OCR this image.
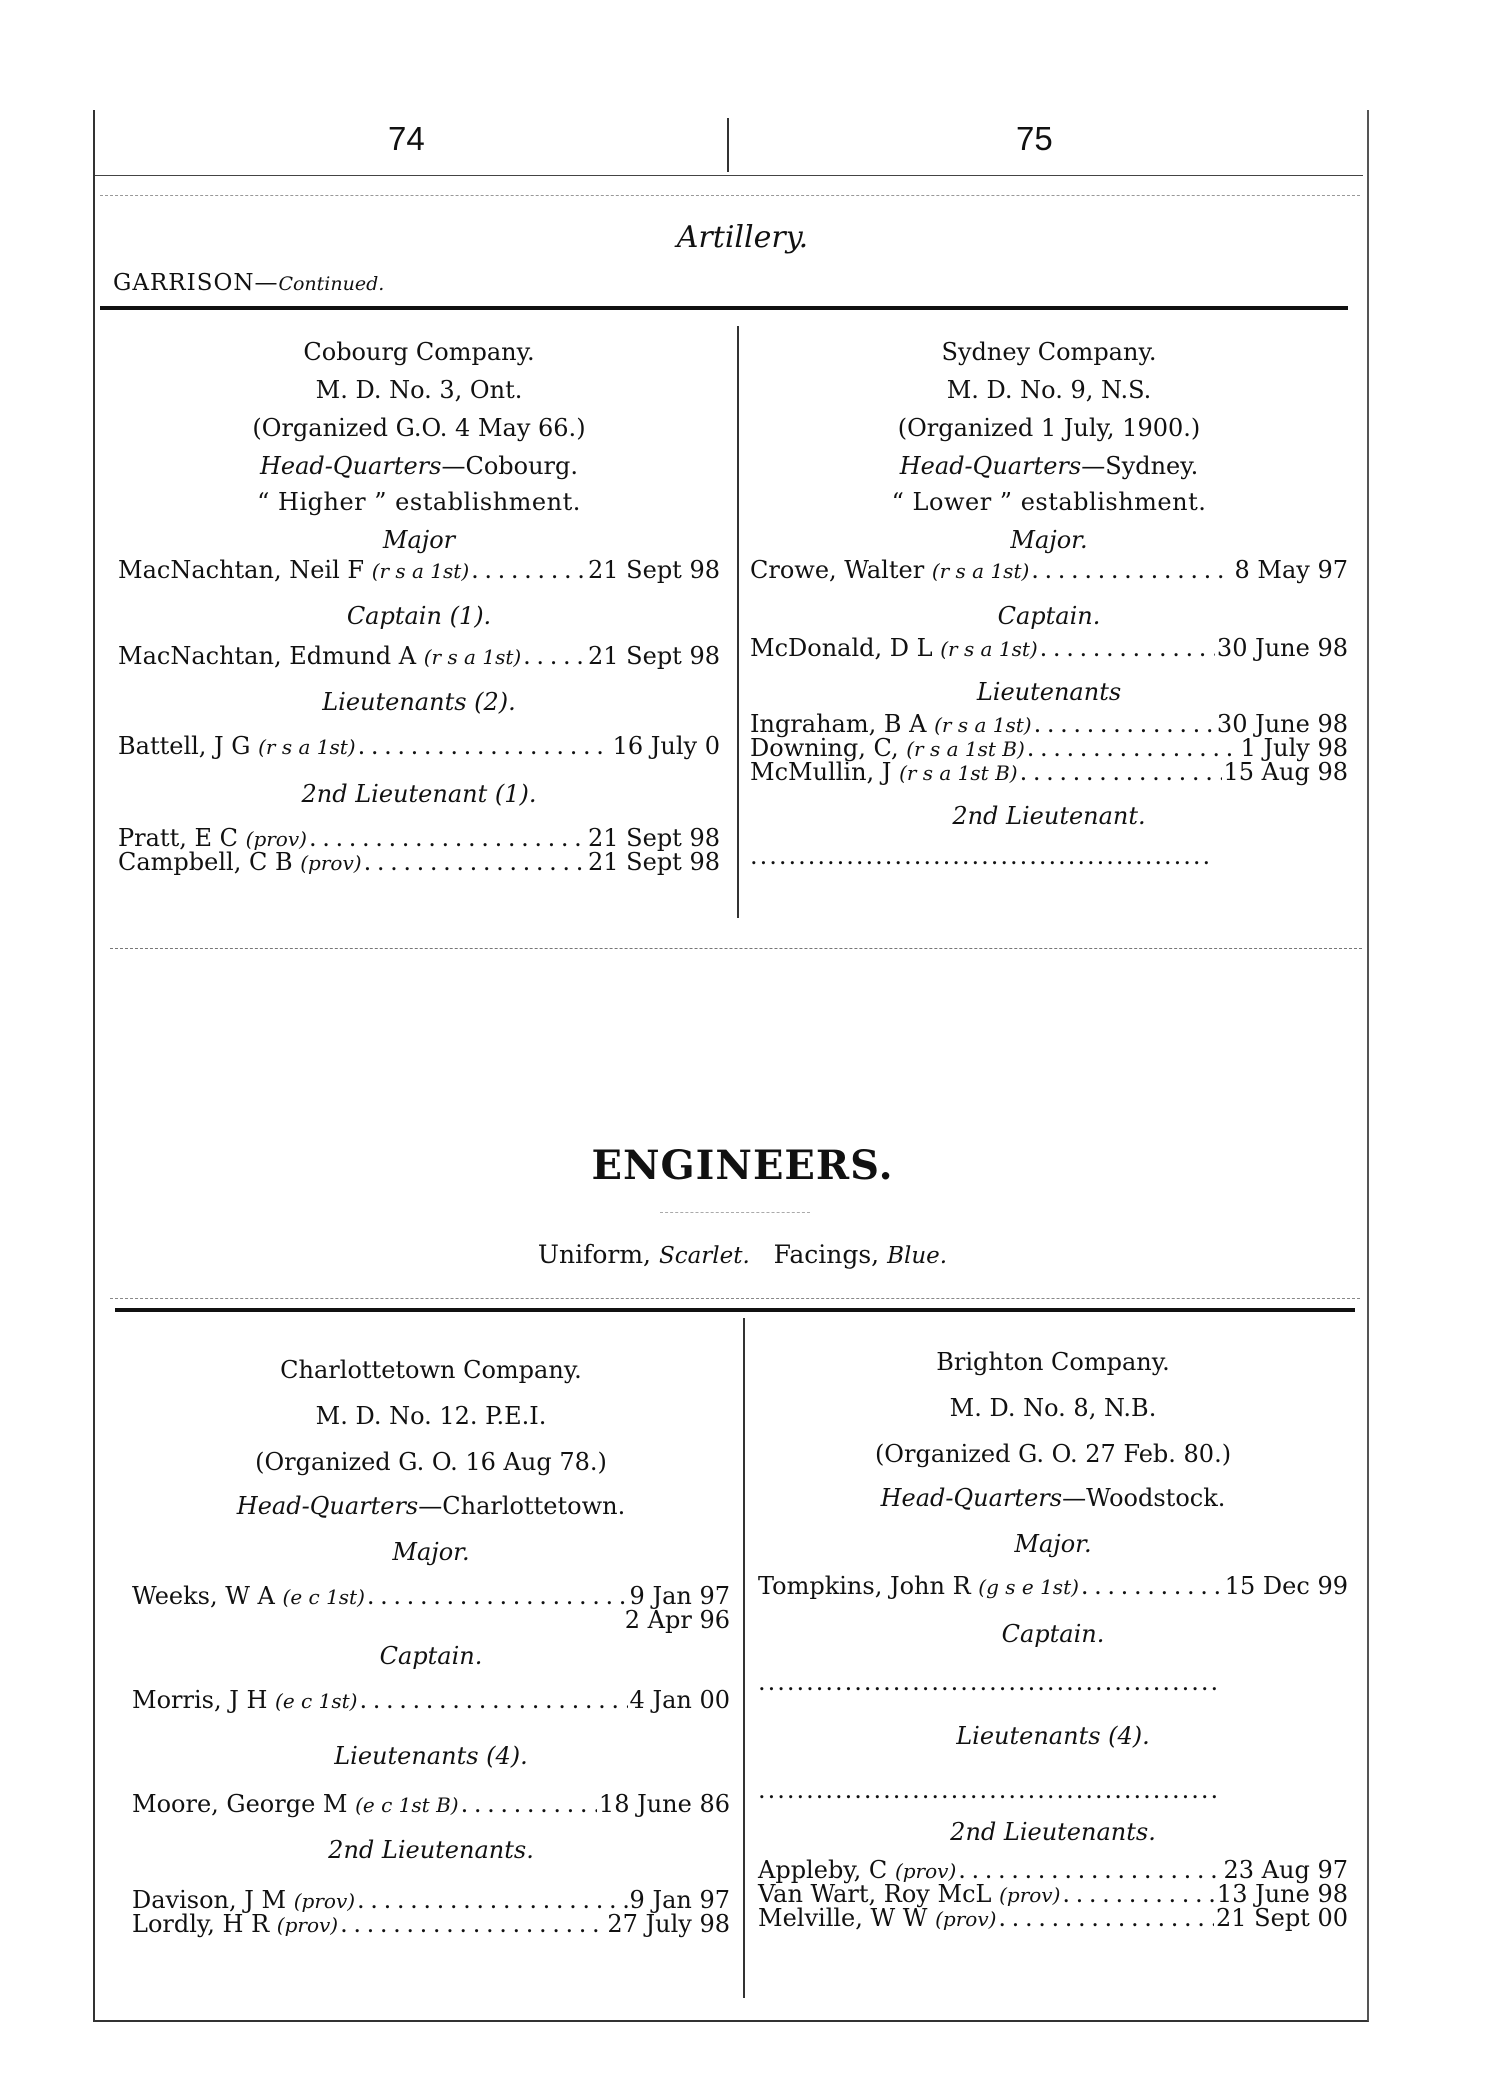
74	75
Artillery.
GARRISON—Continued.
Cobourg Company.
M. D. No. 3, Ont.
(Organized G.O. 4 May 66.)
Head-Quarters—Cobourg.
“ Higher ” establishment.
Major
MacNachtan, Neil F (r s a 1st) . . .	21 Sept 98
Captain (1).
MacNachtan, Edmund A (r s a 1st) . . .	21 Sept 98
Lieutenants (2).
Battell, J G (r s a 1st) . . .	16 July 0
2nd Lieutenant (1).
Pratt, E C (prov) . . .	21 Sept 98
Campbell, C B (prov) . . .	21 Sept 98
Sydney Company.
M. D. No. 9, N.S.
(Organized 1 July, 1900.)
Head-Quarters—Sydney.
“ Lower ” establishment.
Major.
Crowe, Walter (r s a 1st) . . .	8 May 97
Captain.
McDonald, D L (r s a 1st) . . .	30 June 98
Lieutenants
Ingraham, B A (r s a 1st) . . .	30 June 98
Downing, C, (r s a 1st B) . . .	1 July 98
McMullin, J (r s a 1st B) . . .	15 Aug 98
2nd Lieutenant.
................................................
ENGINEERS.
Uniform, Scarlet. Facings, Blue.
Charlottetown Company.
M. D. No. 12. P.E.I.
(Organized G. O. 16 Aug 78.)
Head-Quarters—Charlottetown.
Major.
Weeks, W A (e c 1st) . . .	9 Jan 97
2 Apr 96
Captain.
Morris, J H (e c 1st) . . .	4 Jan 00
Lieutenants (4).
Moore, George M (e c 1st B) . . .	18 June 86
2nd Lieutenants.
Davison, J M (prov) . . .	9 Jan 97
Lordly, H R (prov) . . .	27 July 98
Brighton Company.
M. D. No. 8, N.B.
(Organized G. O. 27 Feb. 80.)
Head-Quarters—Woodstock.
Major.
Tompkins, John R (g s e 1st) . . .	15 Dec 99
Captain.
................................................
Lieutenants (4).
................................................
2nd Lieutenants.
Appleby, C (prov) . . .	23 Aug 97
Van Wart, Roy McL (prov) . . .	13 June 98
Melville, W W (prov) . . .	21 Sept 00
